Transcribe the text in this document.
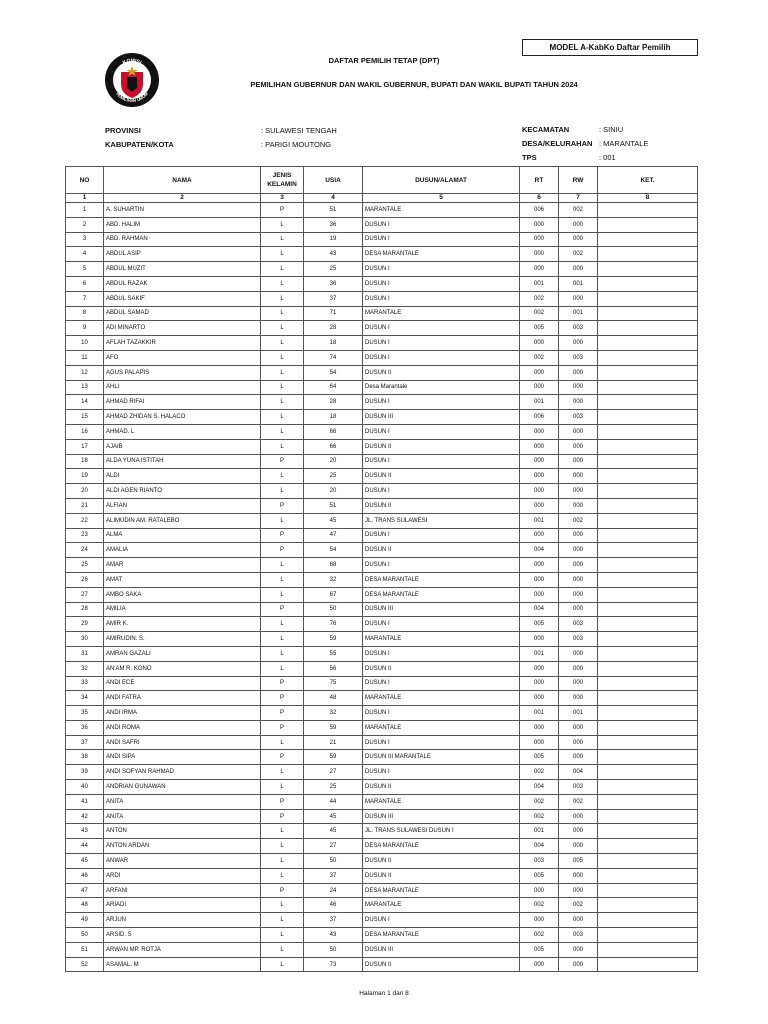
MODEL A-KabKo Daftar Pemilih
KOMISI
PEMILIHAN UMUM
DAFTAR PEMILIH TETAP (DPT)
PEMILIHAN GUBERNUR DAN WAKIL GUBERNUR, BUPATI DAN WAKIL BUPATI TAHUN 2024
PROVINSI	: SULAWESI TENGAH
KABUPATEN/KOTA	: PARIGI MOUTONG
KECAMATAN	: SINIU
DESA/KELURAHAN : MARANTALE
TPS	: 001
NO	NAMA	JENIS KELAMIN	USIA	DUSUN/ALAMAT	RT	RW	KET.
1	2	3	4	5	6	7	8
1	A. SUHARTIN	P	51	MARANTALE	006	002	
2	ABD. HALIM	L	36	DUSUN I	000	000	
3	ABD. RAHMAN	L	19	DUSUN I	000	000	
4	ABDUL ASIP	L	43	DESA MARANTALE	000	002	
5	ABDUL MUZIT	L	25	DUSUN I	000	000	
6	ABDUL RAZAK	L	36	DUSUN I	001	001	
7	ABDUL SAKIF	L	37	DUSUN I	002	000	
8	ABDUL SAMAD	L	71	MARANTALE	002	001	
9	ADI MINARTO	L	28	DUSUN I	005	003	
10	AFLAH TAZAKKIR	L	18	DUSUN I	000	000	
11	AFO	L	74	DUSUN I	002	003	
12	AGUS PALAPIS	L	54	DUSUN II	000	000	
13	AHLI	L	64	Desa Marantale	000	000	
14	AHMAD RIFAI	L	28	DUSUN I	001	000	
15	AHMAD ZHIDAN S. HALACO	L	18	DUSUN III	006	003	
16	AHMAD. L	L	66	DUSUN I	000	000	
17	AJAIB	L	66	DUSUN II	000	000	
18	ALDA YUNA ISTITAH	P	20	DUSUN I	000	000	
19	ALDI	L	25	DUSUN II	000	000	
20	ALDI AGEN RIANTO	L	20	DUSUN I	000	000	
21	ALFIAN	P	51	DUSUN II	000	000	
22	ALIMUDIN AM. RATALEBO	L	45	JL. TRANS SULAWESI	001	002	
23	ALMA	P	47	DUSUN I	000	000	
24	AMALIA	P	54	DUSUN II	004	000	
25	AMAR	L	68	DUSUN I	000	000	
26	AMAT	L	32	DESA MARANTALE	000	000	
27	AMBO SAKA	L	67	DESA MARANTALE	000	000	
28	AMILIA	P	50	DUSUN III	004	000	
29	AMIR K.	L	76	DUSUN I	005	003	
30	AMIRUDIN. S.	L	59	MARANTALE	000	003	
31	AMRAN GAZALI	L	55	DUSUN I	001	000	
32	AN'AM R. KONO	L	56	DUSUN II	000	000	
33	ANDI ECE	P	75	DUSUN I	000	000	
34	ANDI FATRA	P	48	MARANTALE	000	000	
35	ANDI IRMA	P	32	DUSUN I	001	001	
36	ANDI ROMA	P	59	MARANTALE	000	000	
37	ANDI SAFRI	L	21	DUSUN I	000	000	
38	ANDI SIPA	P	59	DUSUN III MARANTALE	005	000	
39	ANDI SOFYAN RAHMAD	L	27	DUSUN I	002	004	
40	ANDRIAN GUNAWAN	L	25	DUSUN II	004	003	
41	ANITA	P	44	MARANTALE	002	002	
42	ANITA	P	45	DUSUN III	002	000	
43	ANTON	L	45	JL. TRANS SULAWESI DUSUN I	001	000	
44	ANTON ARDAN	L	27	DESA MARANTALE	004	000	
45	ANWAR	L	50	DUSUN II	003	005	
46	ARDI	L	37	DUSUN II	005	000	
47	ARFANI	P	24	DESA MARANTALE	000	000	
48	ARIADI	L	46	MARANTALE	002	002	
49	ARJUN	L	37	DUSUN I	000	000	
50	ARSID. S	L	43	DESA MARANTALE	002	003	
51	ARWAN MP. ROTJA	L	50	DUSUN III	005	000	
52	ASAMAL. M	L	73	DUSUN II	000	000	
Halaman 1 dari 8
